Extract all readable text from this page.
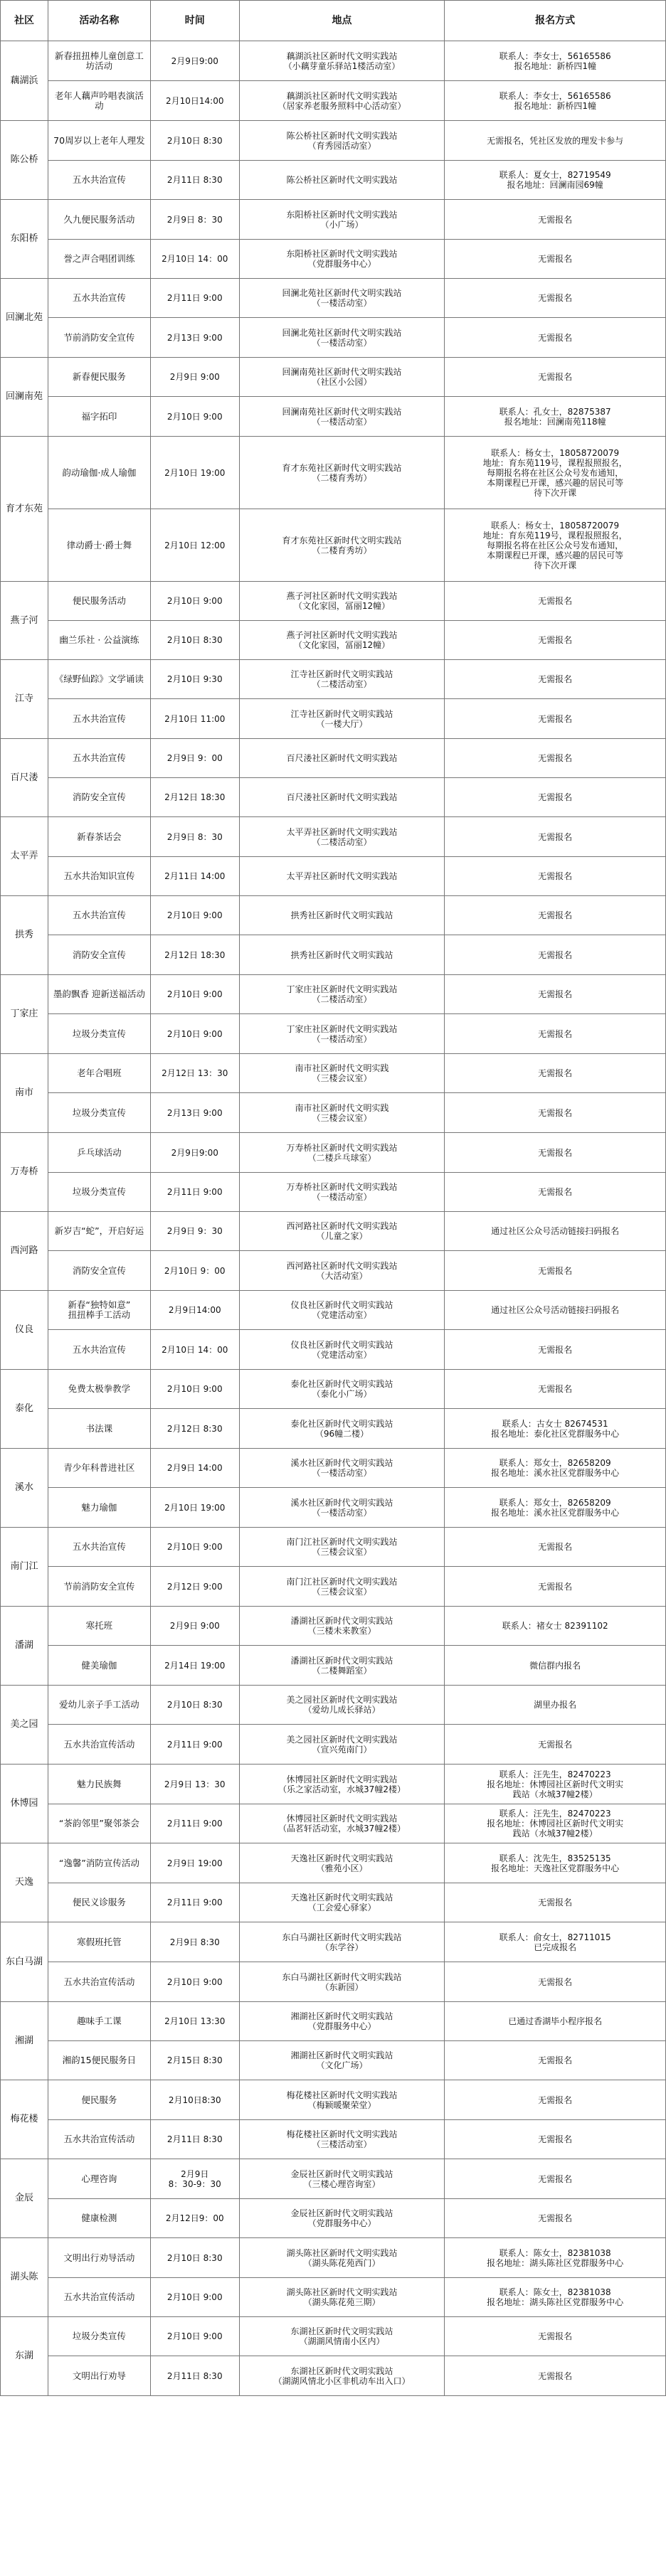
社区	活动名称	时间	地点	报名方式
藕湖浜	新春扭扭棒儿童创意工坊活动	2月9日9:00	藕湖浜社区新时代文明实践站
（小藕芽童乐驿站1楼活动室）	联系人：李女士，56165586
报名地址：新桥四1幢
	老年人藕声吟唱表演活动	2月10日14:00	藕湖浜社区新时代文明实践站
（居家养老服务照料中心活动室）	联系人：李女士，56165586
报名地址：新桥四1幢
陈公桥	70周岁以上老年人理发	2月10日 8:30	陈公桥社区新时代文明实践站
（育秀园活动室）	无需报名，凭社区发放的理发卡参与
	五水共治宣传	2月11日 8:30	陈公桥社区新时代文明实践站	联系人：夏女士，82719549
报名地址：回澜南园69幢
东阳桥	久九便民服务活动	2月9日 8：30	东阳桥社区新时代文明实践站
（小广场）	无需报名
	誉之声合唱团训练	2月10日 14：00	东阳桥社区新时代文明实践站
（党群服务中心）	无需报名
回澜北苑	五水共治宣传	2月11日 9:00	回澜北苑社区新时代文明实践站
（一楼活动室）	无需报名
	节前消防安全宣传	2月13日 9:00	回澜北苑社区新时代文明实践站
（一楼活动室）	无需报名
回澜南苑	新春便民服务	2月9日 9:00	回澜南苑社区新时代文明实践站
（社区小公园）	无需报名
	福字拓印	2月10日 9:00	回澜南苑社区新时代文明实践站
（一楼活动室）	联系人：孔女士，82875387
报名地址：回澜南苑118幢
育才东苑	韵动瑜伽·成人瑜伽	2月10日 19:00	育才东苑社区新时代文明实践站
（二楼育秀坊）	联系人：杨女士，18058720079
地址：育东苑119号，课程报照报名，
每期报名将在社区公众号发布通知，
本期课程已开课，感兴趣的居民可等
待下次开课
	律动爵士·爵士舞	2月10日 12:00	育才东苑社区新时代文明实践站
（二楼育秀坊）	联系人：杨女士，18058720079
地址：育东苑119号，课程报照报名，
每期报名将在社区公众号发布通知，
本期课程已开课，感兴趣的居民可等
待下次开课
燕子河	便民服务活动	2月10日 9:00	燕子河社区新时代文明实践站
（文化家园，冨丽12幢）	无需报名
	幽兰乐社 · 公益演练	2月10日 8:30	燕子河社区新时代文明实践站
（文化家园，冨丽12幢）	无需报名
江寺	《绿野仙踪》文学诵读	2月10日 9:30	江寺社区新时代文明实践站
（二楼活动室）	无需报名
	五水共治宣传	2月10日 11:00	江寺社区新时代文明实践站
（一楼大厅）	无需报名
百尺溇	五水共治宣传	2月9日 9：00	百尺溇社区新时代文明实践站	无需报名
	消防安全宣传	2月12日 18:30	百尺溇社区新时代文明实践站	无需报名
太平弄	新春茶话会	2月9日 8：30	太平弄社区新时代文明实践站
（二楼活动室）	无需报名
	五水共治知识宣传	2月11日 14:00	太平弄社区新时代文明实践站	无需报名
拱秀	五水共治宣传	2月10日 9:00	拱秀社区新时代文明实践站	无需报名
	消防安全宣传	2月12日 18:30	拱秀社区新时代文明实践站	无需报名
丁家庄	墨韵飘香 迎新送福活动	2月10日 9:00	丁家庄社区新时代文明实践站
（二楼活动室）	无需报名
	垃圾分类宣传	2月10日 9:00	丁家庄社区新时代文明实践站
（一楼活动室）	无需报名
南市	老年合唱班	2月12日 13：30	南市社区新时代文明实践
（三楼会议室）	无需报名
	垃圾分类宣传	2月13日 9:00	南市社区新时代文明实践
（三楼会议室）	无需报名
万寿桥	乒乓球活动	2月9日9:00	万寿桥社区新时代文明实践站
（二楼乒乓球室）	无需报名
	垃圾分类宣传	2月11日 9:00	万寿桥社区新时代文明实践站
（一楼活动室）	无需报名
西河路	新岁吉“蛇”，开启好运	2月9日 9：30	西河路社区新时代文明实践站
（儿童之家）	通过社区公众号活动链接扫码报名
	消防安全宣传	2月10日 9：00	西河路社区新时代文明实践站
（大活动室）	无需报名
仪良	新春“独特如意”
扭扭棒手工活动	2月9日14:00	仪良社区新时代文明实践站
（党建活动室）	通过社区公众号活动链接扫码报名
	五水共治宣传	2月10日 14：00	仪良社区新时代文明实践站
（党建活动室）	无需报名
泰化	免费太极拳教学	2月10日 9:00	泰化社区新时代文明实践站
（泰化小广场）	无需报名
	书法课	2月12日 8:30	泰化社区新时代文明实践站
（96幢二楼）	联系人：古女士 82674531
报名地址：泰化社区党群服务中心
溪水	青少年科普进社区	2月9日 14:00	溪水社区新时代文明实践站
（一楼活动室）	联系人：郑女士，82658209
报名地址：溪水社区党群服务中心
	魅力瑜伽	2月10日 19:00	溪水社区新时代文明实践站
（一楼活动室）	联系人：郑女士，82658209
报名地址：溪水社区党群服务中心
南门江	五水共治宣传	2月10日 9:00	南门江社区新时代文明实践站
（三楼会议室）	无需报名
	节前消防安全宣传	2月12日 9:00	南门江社区新时代文明实践站
（三楼会议室）	无需报名
潘湖	寒托班	2月9日 9:00	潘湖社区新时代文明实践站
（三楼未来教室）	联系人：褚女士 82391102
	健美瑜伽	2月14日 19:00	潘湖社区新时代文明实践站
（二楼舞蹈室）	微信群内报名
美之园	爱幼儿亲子手工活动	2月10日 8:30	美之园社区新时代文明实践站
（爱幼儿成长驿站）	湖里办报名
	五水共治宣传活动	2月11日 9:00	美之园社区新时代文明实践站
（宣兴苑南门）	无需报名
休博园	魅力民族舞	2月9日 13：30	休博园社区新时代文明实践站
（乐之家活动室，水城37幢2楼）	联系人：汪先生，82470223
报名地址：休博园社区新时代文明实
践站（水城37幢2楼）
	“茶韵邻里”聚邻茶会	2月11日 9:00	休博园社区新时代文明实践站
（品茗轩活动室，水城37幢2楼）	联系人：汪先生，82470223
报名地址：休博园社区新时代文明实
践站（水城37幢2楼）
天逸	“逸馨”消防宣传活动	2月9日 19:00	天逸社区新时代文明实践站
（雅苑小区）	联系人：沈先生，83525135
报名地址：天逸社区党群服务中心
	便民义诊服务	2月11日 9:00	天逸社区新时代文明实践站
（工会爱心驿家）	无需报名
东白马湖	寒假班托管	2月9日 8:30	东白马湖社区新时代文明实践站
（东学谷）	联系人：俞女士，82711015
已完成报名
	五水共治宣传活动	2月10日 9:00	东白马湖社区新时代文明实践站
（东新园）	无需报名
湘湖	趣味手工课	2月10日 13:30	湘湖社区新时代文明实践站
（党群服务中心）	已通过香湖毕小程序报名
	湘韵15便民服务日	2月15日 8:30	湘湖社区新时代文明实践站
（文化广场）	无需报名
梅花楼	便民服务	2月10日8:30	梅花楼社区新时代文明实践站
（梅颖暖聚荣堂）	无需报名
	五水共治宣传活动	2月11日 8:30	梅花楼社区新时代文明实践站
（三楼活动室）	无需报名
金辰	心理咨询	2月9日
8：30-9：30	金辰社区新时代文明实践站
（三楼心理咨询室）	无需报名
	健康检测	2月12日9：00	金辰社区新时代文明实践站
（党群服务中心）	无需报名
湖头陈	文明出行劝导活动	2月10日 8:30	湖头陈社区新时代文明实践站
（湖头陈花苑西门）	联系人：陈女士，82381038
报名地址：湖头陈社区党群服务中心
	五水共治宣传活动	2月10日 9:00	湖头陈社区新时代文明实践站
（湖头陈花苑三期）	联系人：陈女士，82381038
报名地址：湖头陈社区党群服务中心
东湖	垃圾分类宣传	2月10日 9:00	东湖社区新时代文明实践站
（湖湖风情南小区内）	无需报名
	文明出行劝导	2月11日 8:30	东湖社区新时代文明实践站
（湖湖风情北小区非机动车出入口）	无需报名
